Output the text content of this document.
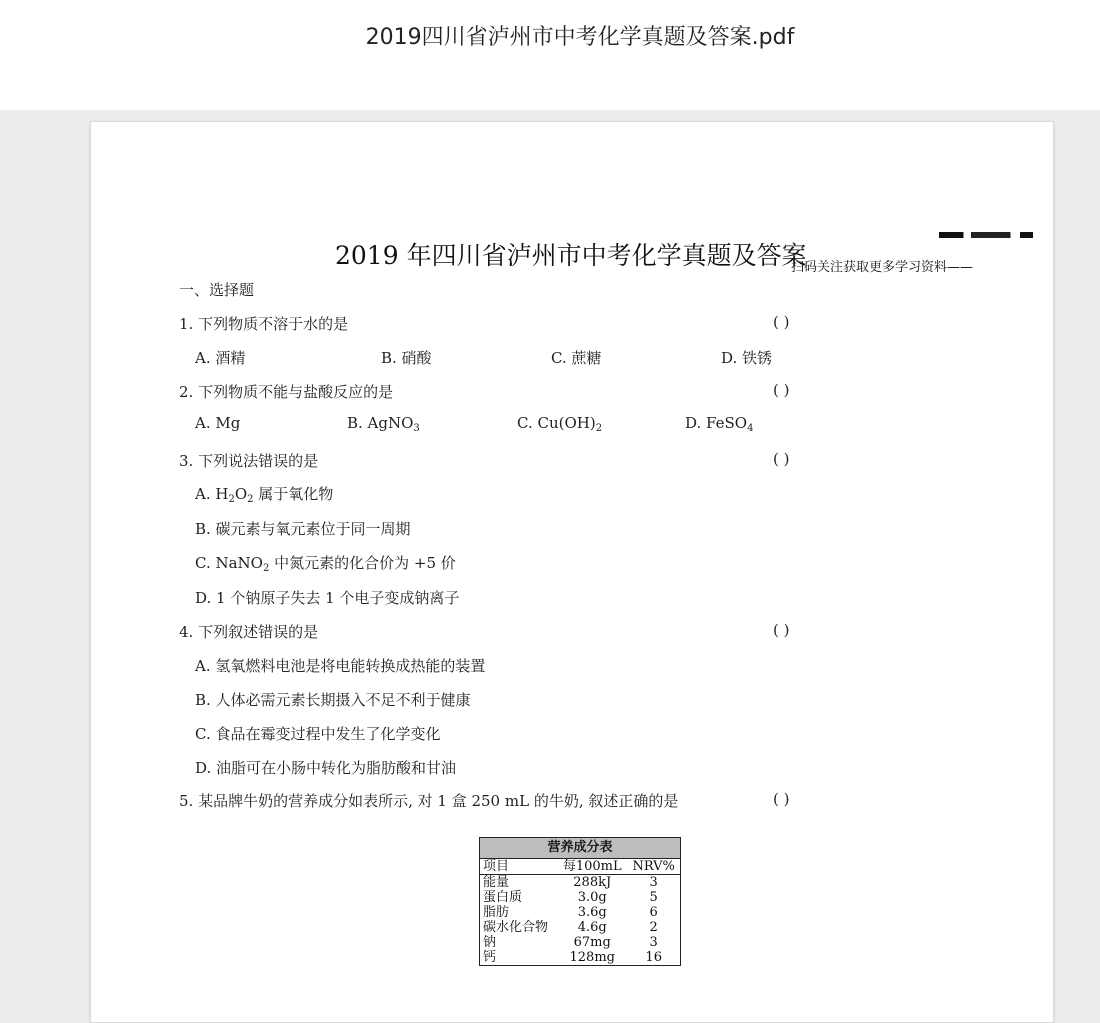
2019四川省泸州市中考化学真题及答案.pdf
2019 年四川省泸州市中考化学真题及答案
扫码关注获取更多学习资料——
一、选择题
1. 下列物质不溶于水的是	( )
A. 酒精	B. 硝酸	C. 蔗糖	D. 铁锈
2. 下列物质不能与盐酸反应的是	( )
A. Mg	B. AgNO$_3$	C. $Cu(OH)_2$	D. FeSO$_4$
3. 下列说法错误的是	( )
A. $H_2O_2$ 属于氧化物
B. 碳元素与氧元素位于同一周期
C. NaNO$_2$ 中氮元素的化合价为 +5 价
D. 1 个钠原子失去 1 个电子变成钠离子
4. 下列叙述错误的是	( )
A. 氢氧燃料电池是将电能转换成热能的装置
B. 人体必需元素长期摄入不足不利于健康
C. 食品在霉变过程中发生了化学变化
D. 油脂可在小肠中转化为脂肪酸和甘油
5. 某品牌牛奶的营养成分如表所示, 对 1 盒 250 mL 的牛奶, 叙述正确的是	( )
营养成分表
项目	每100mL	NRV%
能量	288kJ	3
蛋白质	3.0g	5
脂肪	3.6g	6
碳水化合物	4.6g	2
钠	67mg	3
钙	128mg	16
